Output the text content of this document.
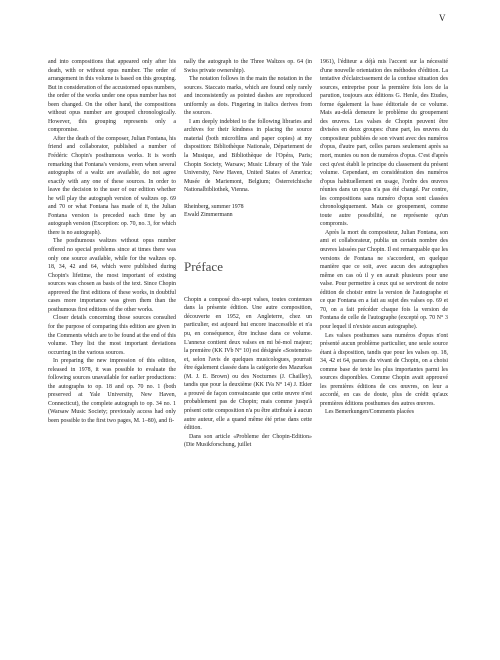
V

and into compositions that appeared only after his death, with or without opus number. The order of arrangement in this volume is based on this grouping. But in consideration of the accustomed opus numbers, the order of the works under one opus number has not been changed. On the other hand, the compositions without opus number are grouped chronologically. However, this grouping represents only a compromise.

After the death of the composer, Julian Fontana, his friend and collaborator, published a number of Frédéric Chopin's posthumous works. It is worth remarking that Fontana's versions, even when several autographs of a waltz are available, do not agree exactly with any one of these sources. In order to leave the decision to the user of our edition whether he will play the autograph version of waltzes op. 69 and 70 or what Fontana has made of it, the Julian Fontana version is preceded each time by an autograph version (Exception: op. 70, no. 3, for which there is no autograph).

The posthumous waltzes without opus number offered no special problems since at times there was only one source available, while for the waltzes op. 18, 34, 42 and 64, which were published during Chopin's lifetime, the most important of existing sources was chosen as basis of the text. Since Chopin approved the first editions of these works, in doubtful cases more importance was given them than the posthumous first editions of the other works.

Closer details concerning those sources consulted for the purpose of comparing this edition are given in the Comments which are to be found at the end of this volume. They list the most important deviations occurring in the various sources.

In preparing the new impression of this edition, released in 1978, it was possible to evaluate the following sources unavailable for earlier productions: the autographs to op. 18 and op. 70 no. 1 (both preserved at Yale University, New Haven, Connecticut), the complete autograph to op. 34 no. 1 (Warsaw Music Society; previously access had only been possible to the first two pages, M. 1–80), and fi-

nally the autograph to the Three Waltzes op. 64 (in Swiss private ownership).

The notation follows in the main the notation in the sources. Staccato marks, which are found only rarely and inconsistently as pointed dashes are reproduced uniformly as dots. Fingering in italics derives from the sources.

I am deeply indebted to the following libraries and archives for their kindness in placing the source material (both microfilms and paper copies) at my disposition: Bibliothèque Nationale, Département de la Musique, and Bibliothèque de l'Opéra, Paris; Chopin Society, Warsaw; Music Library of the Yale University, New Haven, United States of America; Musée de Mariemont, Belgium; Österreichische Nationalbibliothek, Vienna.

Rheinberg, summer 1978

Ewald Zimmermann

Préface

Chopin a composé dix-sept valses, toutes contenues dans la présente édition. Une autre composition, découverte en 1952, en Angleterre, chez un particulier, est aujourd hui encore inaccessible et n'a pu, en conséquence, être incluse dans ce volume. L'annexe contient deux valses en mi bé-mol majeur; la première (KK IVb N° 10) est désignée «Sostenuto» et, selon l'avis de quelques musicologues, pourrait être également classée dans la catégorie des Mazurkas (M. J. E. Brown) ou des Nocturnes (J. Chailley), tandis que pour la deuxième (KK IVa N° 14) J. Ekier a prouvé de façon convaincante que cette œuvre n'est probablement pas de Chopin; mais comme jusqu'à présent cette composition n'a pu être attribuée à aucun autre auteur, elle a quand même été prise dans cette édition.

Dans son article «Probleme der Chopin-Edition» (Die Musikforschung, juillet

1961), l'éditeur a déjà mis l'accent sur la nécessité d'une nouvelle orientation des méthodes d'édition. La tentative d'éclaircissement de la confuse situation des sources, entreprise pour la première fois lors de la parution, toujours aux éditions G. Henle, des Etudes, forme également la base éditoriale de ce volume. Mais au-delà demeure le problème du groupement des œuvres. Les valses de Chopin peuvent être divisées en deux groupes: d'une part, les œuvres du compositeur publiées de son vivant avec des numéros d'opus, d'autre part, celles parues seulement après sa mort, munies ou non de numéros d'opus. C'est d'après ceci qu'est établi le principe du classement du présent volume. Cependant, en considération des numéros d'opus habituellement en usage, l'ordre des œuvres réunies dans un opus n'a pas été changé. Par contre, les compositions sans numéro d'opus sont classées chronologiquement. Mais ce groupement, comme toute autre possibilité, ne représente qu'un compromis.

Après la mort du compositeur, Julian Fontana, son ami et collaborateur, publia un certain nombre des œuvres laissées par Chopin. Il est remarquable que les versions de Fontana ne s'accordent, en quelque manière que ce soit, avec aucun des autographes même en cas où il y en aurait plusieurs pour une valse. Pour permettre à ceux qui se serviront de notre édition de choisir entre la version de l'autographe et ce que Fontana en a fait au sujet des valses op. 69 et 70, on a fait précéder chaque fois la version de Fontana de celle de l'autographe (excepté op. 70 N° 3 pour lequel il n'existe aucun autographe).

Les valses posthumes sans numéros d'opus n'ont présenté aucun problème particulier, une seule source étant à disposition, tandis que pour les valses op. 18, 34, 42 et 64, parues du vivant de Chopin, on a choisi comme base de texte les plus importantes parmi les sources disponibles. Comme Chopin avait approuvé les premières éditions de ces œuvres, on leur a accordé, en cas de doute, plus de crédit qu'aux premières éditions posthumes des autres œuvres.

Les Bemerkungen/Comments placées
